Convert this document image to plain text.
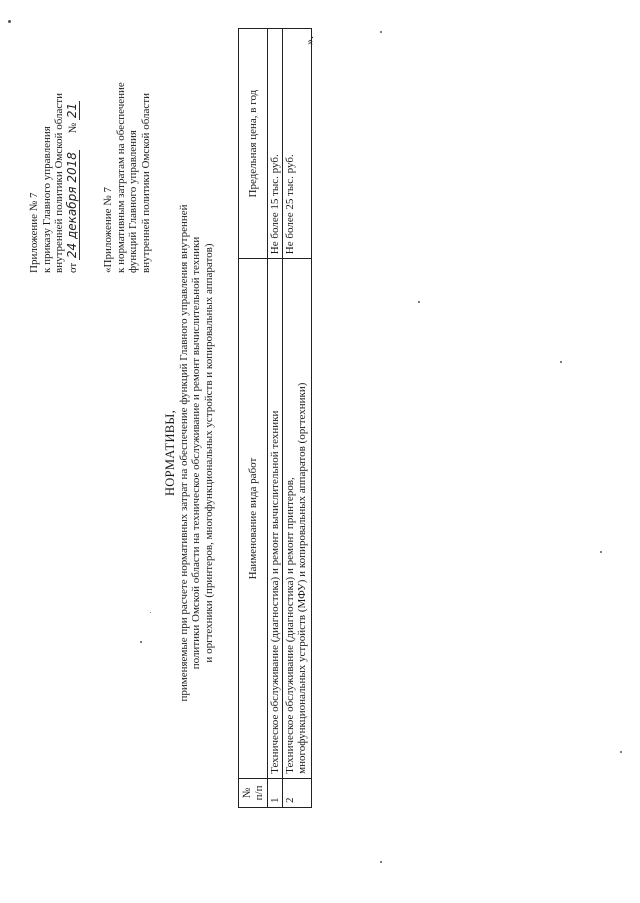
Приложение № 7 к приказу Главного управления внутренней политики Омской области от 24 декабря 2018 № 21
«Приложение № 7 к нормативным затратам на обеспечение функций Главного управления внутренней политики Омской области
НОРМАТИВЫ, применяемые при расчете нормативных затрат на обеспечение функций Главного управления внутренней политики Омской области на техническое обслуживание и ремонт вычислительной техники и оргтехники (принтеров, многофункциональных устройств и копировальных аппаратов)
№ п/п	Наименование вида работ	Предельная цена, в год
1	Техническое обслуживание (диагностика) и ремонт вычислительной техники	Не более 15 тыс. руб.
2	Техническое обслуживание (диагностика) и ремонт принтеров, многофункциональных устройств (МФУ) и копировальных аппаратов (оргтехники)	Не более 25 тыс. руб.
».
